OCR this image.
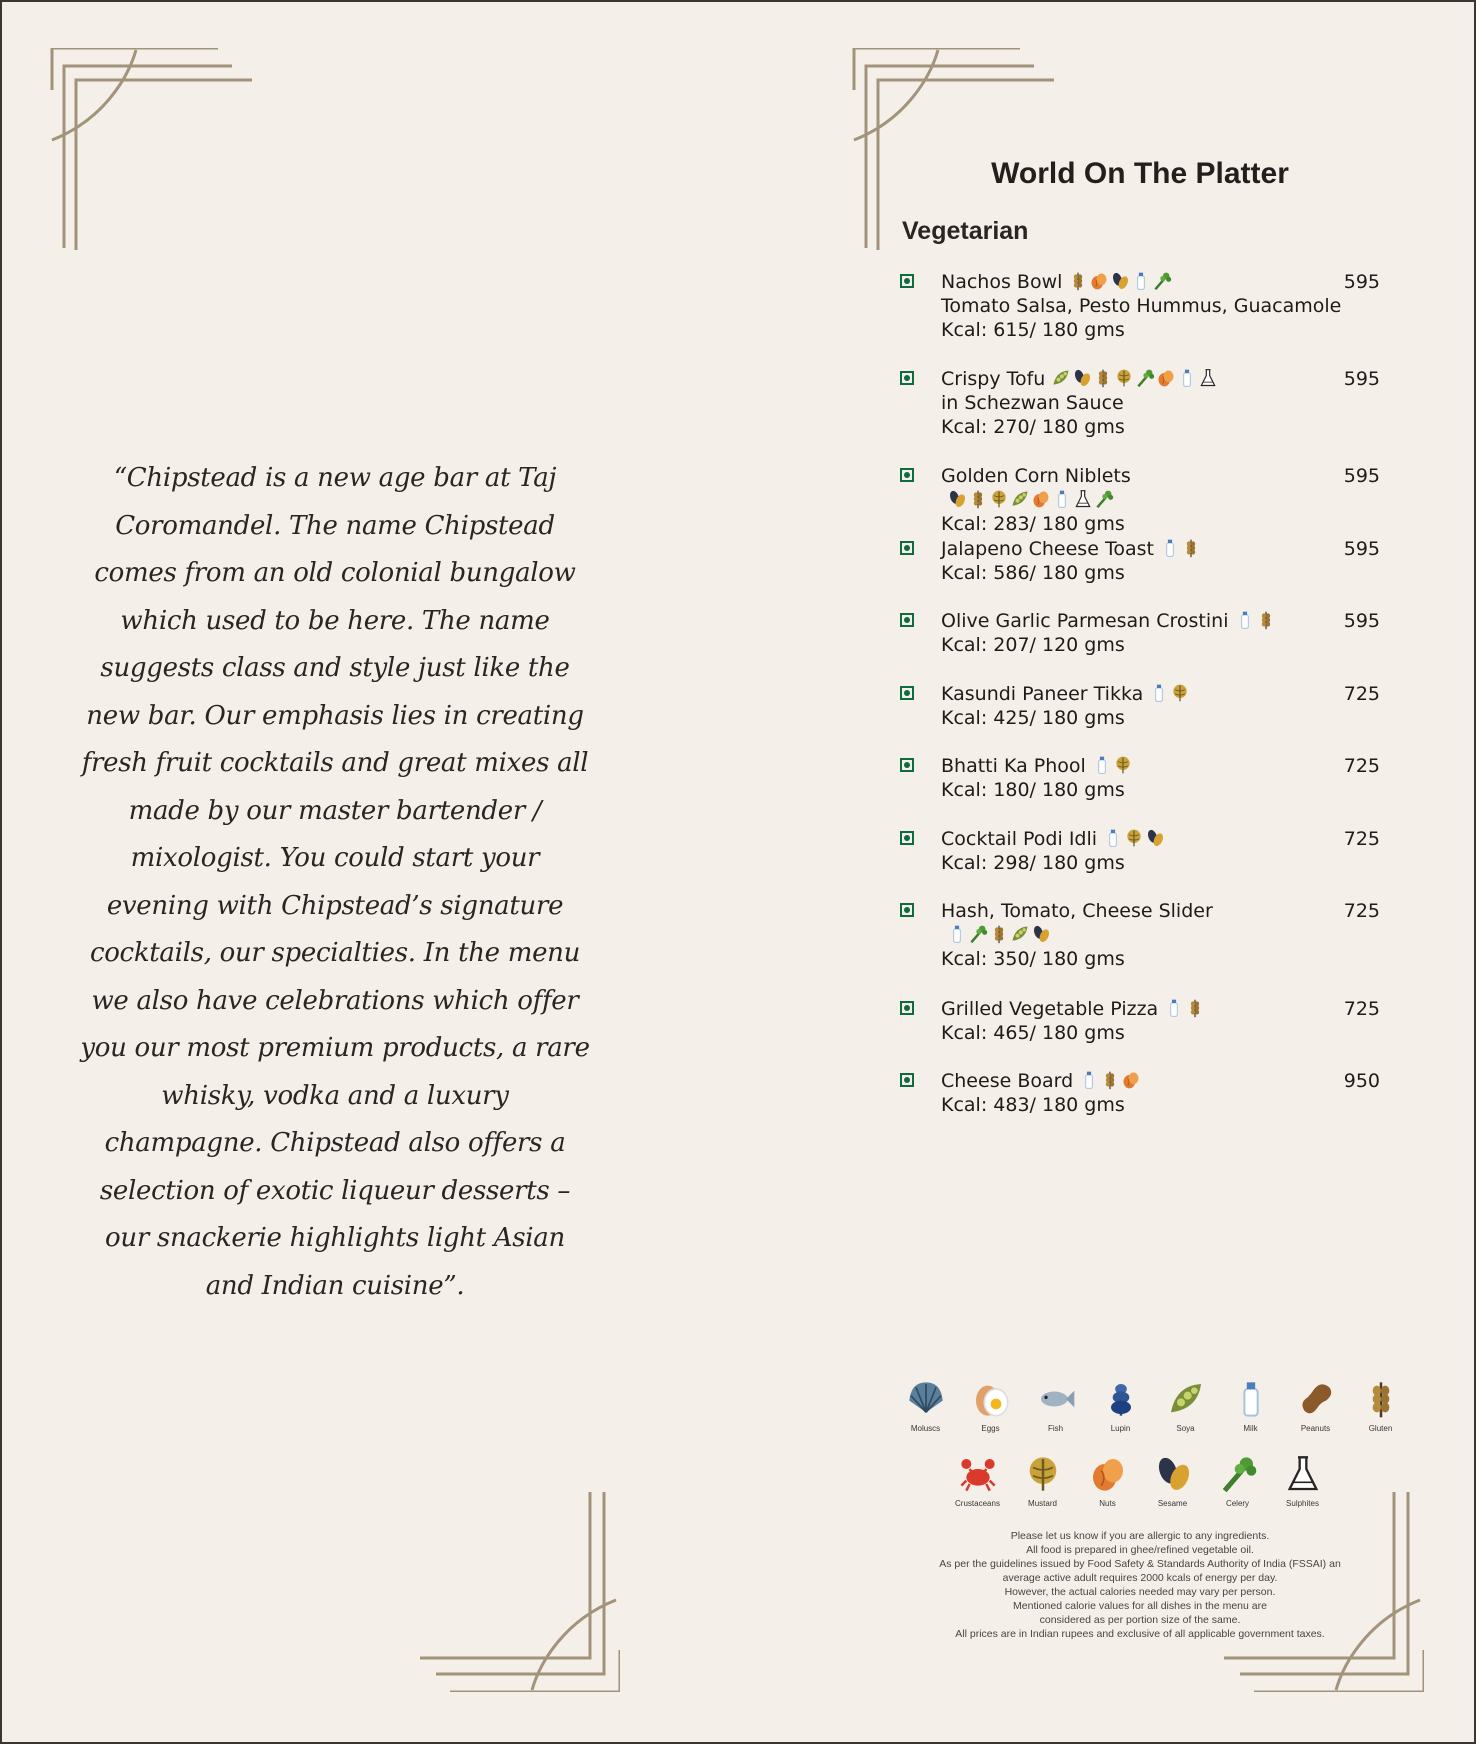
“Chipstead is a new age bar at Taj Coromandel. The name Chipstead comes from an old colonial bungalow which used to be here. The name suggests class and style just like the new bar. Our emphasis lies in creating fresh fruit cocktails and great mixes all made by our master bartender / mixologist. You could start your evening with Chipstead’s signature cocktails, our specialties. In the menu we also have celebrations which offer you our most premium products, a rare whisky, vodka and a luxury champagne. Chipstead also offers a selection of exotic liqueur desserts – our snackerie highlights light Asian and Indian cuisine”.
World On The Platter
Vegetarian
Nachos Bowl
Tomato Salsa, Pesto Hummus, Guacamole
Kcal: 615/ 180 gms
595
Crispy Tofu
in Schezwan Sauce
Kcal: 270/ 180 gms
595
Golden Corn Niblets
Kcal: 283/ 180 gms
595
Jalapeno Cheese Toast
Kcal: 586/ 180 gms
595
Olive Garlic Parmesan Crostini
Kcal: 207/ 120 gms
595
Kasundi Paneer Tikka
Kcal: 425/ 180 gms
725
Bhatti Ka Phool
Kcal: 180/ 180 gms
725
Cocktail Podi Idli
Kcal: 298/ 180 gms
725
Hash, Tomato, Cheese Slider
Kcal: 350/ 180 gms
725
Grilled Vegetable Pizza
Kcal: 465/ 180 gms
725
Cheese Board
Kcal: 483/ 180 gms
950
Moluscs	Eggs	Fish	Lupin	Soya	Milk	Peanuts	Gluten
Crustaceans	Mustard	Nuts	Sesame	Celery	Sulphites
Please let us know if you are allergic to any ingredients.
All food is prepared in ghee/refined vegetable oil.
As per the guidelines issued by Food Safety & Standards Authority of India (FSSAI) an
average active adult requires 2000 kcals of energy per day.
However, the actual calories needed may vary per person.
Mentioned calorie values for all dishes in the menu are
considered as per portion size of the same.
All prices are in Indian rupees and exclusive of all applicable government taxes.
